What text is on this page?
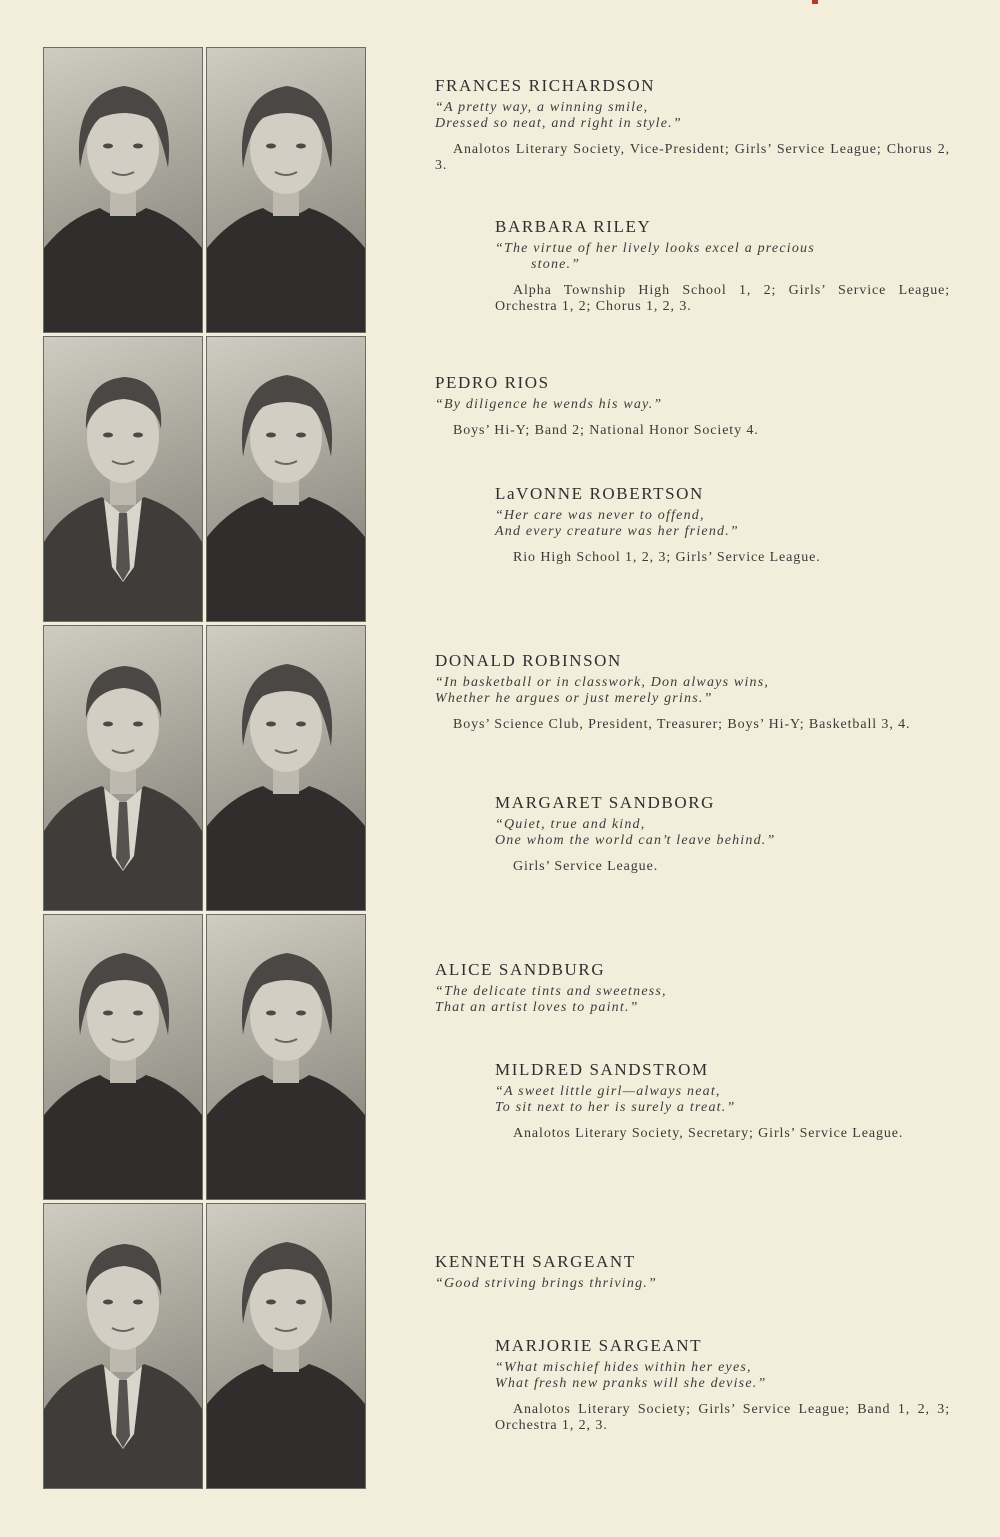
FRANCES RICHARDSON

“A pretty way, a winning smile,
Dressed so neat, and right in style.”

Analotos Literary Society, Vice-President; Girls’ Service League; Chorus 2, 3.

BARBARA RILEY

“The virtue of her lively looks excel a precious
stone.”

Alpha Township High School 1, 2; Girls’ Service League; Orchestra 1, 2; Chorus 1, 2, 3.

PEDRO RIOS

“By diligence he wends his way.”

Boys’ Hi-Y; Band 2; National Honor Society 4.

LaVONNE ROBERTSON

“Her care was never to offend,
And every creature was her friend.”

Rio High School 1, 2, 3; Girls’ Service League.

DONALD ROBINSON

“In basketball or in classwork, Don always wins,
Whether he argues or just merely grins.”

Boys’ Science Club, President, Treasurer; Boys’ Hi-Y; Basketball 3, 4.

MARGARET SANDBORG

“Quiet, true and kind,
One whom the world can’t leave behind.”

Girls’ Service League.

ALICE SANDBURG

“The delicate tints and sweetness,
That an artist loves to paint.”

MILDRED SANDSTROM

“A sweet little girl—always neat,
To sit next to her is surely a treat.”

Analotos Literary Society, Secretary; Girls’ Service League.

KENNETH SARGEANT

“Good striving brings thriving.”

MARJORIE SARGEANT

“What mischief hides within her eyes,
What fresh new pranks will she devise.”

Analotos Literary Society; Girls’ Service League; Band 1, 2, 3; Orchestra 1, 2, 3.
